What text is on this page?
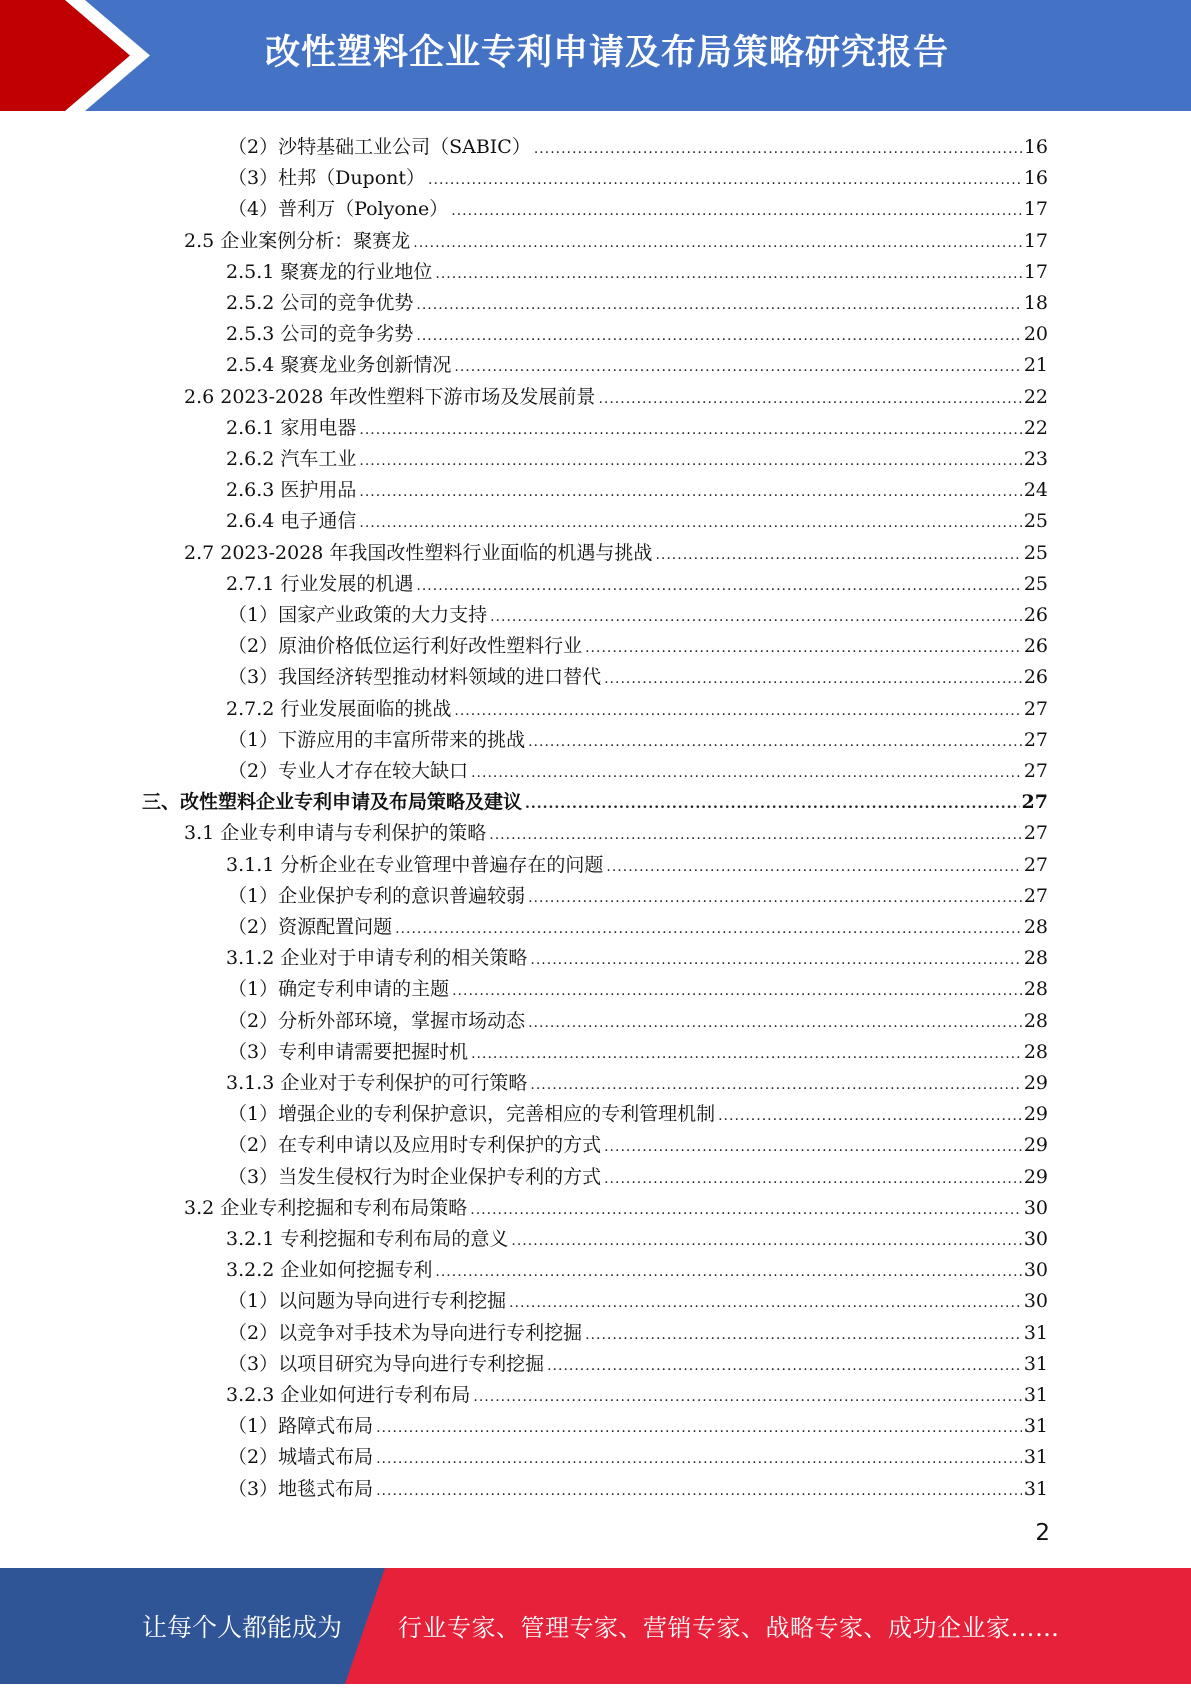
改性塑料企业专利申请及布局策略研究报告
（2）沙特基础工业公司（SABIC） .....	16
（3）杜邦（Dupont） .....	16
（4）普利万（Polyone） .....	17
2.5 企业案例分析：聚赛龙 .....	17
2.5.1 聚赛龙的行业地位 .....	17
2.5.2 公司的竞争优势 .....	18
2.5.3 公司的竞争劣势 .....	20
2.5.4 聚赛龙业务创新情况 .....	21
2.6 2023-2028 年改性塑料下游市场及发展前景 .....	22
2.6.1 家用电器 .....	22
2.6.2 汽车工业 .....	23
2.6.3 医护用品 .....	24
2.6.4 电子通信 .....	25
2.7 2023-2028 年我国改性塑料行业面临的机遇与挑战 .....	25
2.7.1 行业发展的机遇 .....	25
（1）国家产业政策的大力支持 .....	26
（2）原油价格低位运行利好改性塑料行业 .....	26
（3）我国经济转型推动材料领域的进口替代 .....	26
2.7.2 行业发展面临的挑战 .....	27
（1）下游应用的丰富所带来的挑战 .....	27
（2）专业人才存在较大缺口 .....	27
三、改性塑料企业专利申请及布局策略及建议 .....	27
3.1 企业专利申请与专利保护的策略 .....	27
3.1.1 分析企业在专业管理中普遍存在的问题 .....	27
（1）企业保护专利的意识普遍较弱 .....	27
（2）资源配置问题 .....	28
3.1.2 企业对于申请专利的相关策略 .....	28
（1）确定专利申请的主题 .....	28
（2）分析外部环境，掌握市场动态 .....	28
（3）专利申请需要把握时机 .....	28
3.1.3 企业对于专利保护的可行策略 .....	29
（1）增强企业的专利保护意识，完善相应的专利管理机制 .....	29
（2）在专利申请以及应用时专利保护的方式 .....	29
（3）当发生侵权行为时企业保护专利的方式 .....	29
3.2 企业专利挖掘和专利布局策略 .....	30
3.2.1 专利挖掘和专利布局的意义 .....	30
3.2.2 企业如何挖掘专利 .....	30
（1）以问题为导向进行专利挖掘 .....	30
（2）以竞争对手技术为导向进行专利挖掘 .....	31
（3）以项目研究为导向进行专利挖掘 .....	31
3.2.3 企业如何进行专利布局 .....	31
（1）路障式布局 .....	31
（2）城墙式布局 .....	31
（3）地毯式布局 .....	31
2
让每个人都能成为 行业专家、管理专家、营销专家、战略专家、成功企业家……
